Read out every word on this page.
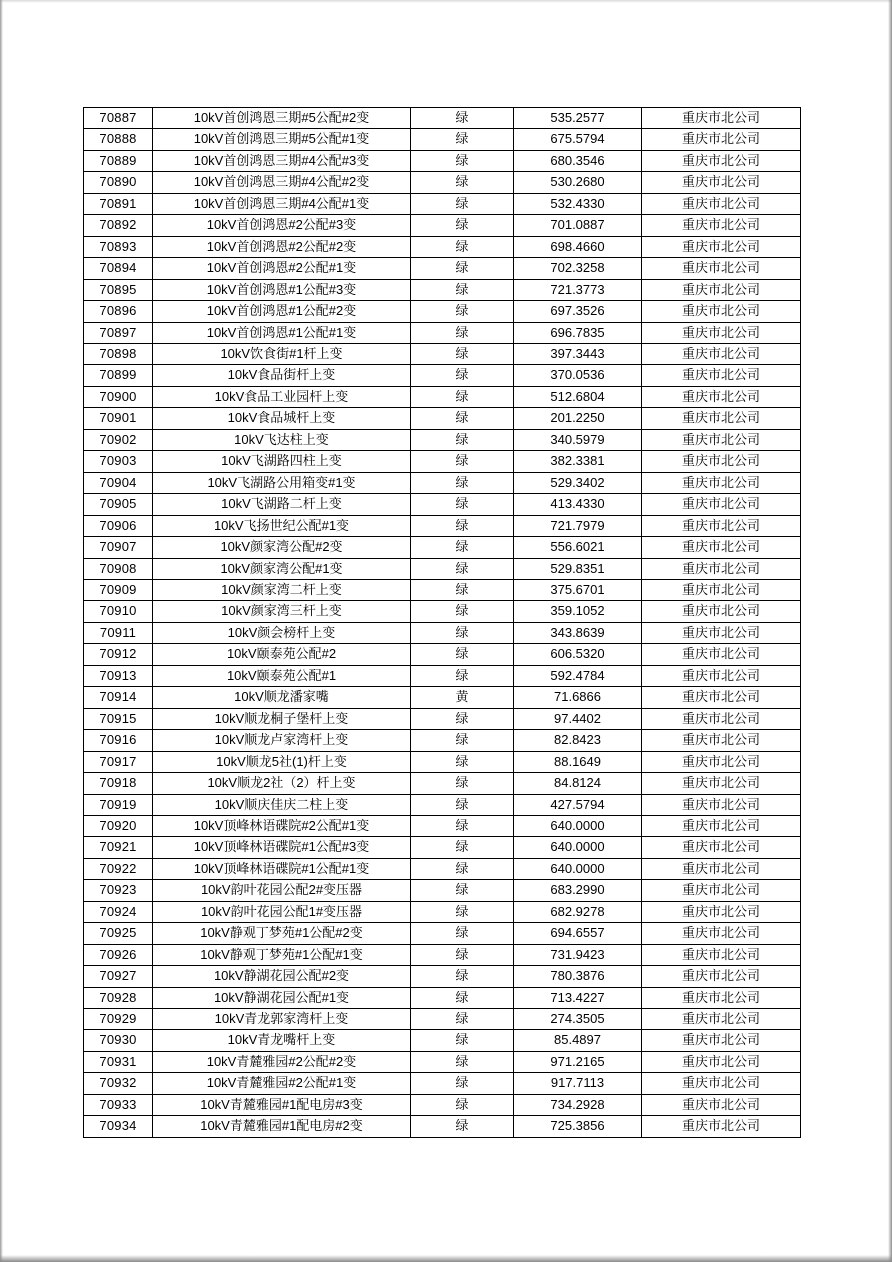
70887	10kV首创鸿恩三期#5公配#2变	绿	535.2577	重庆市北公司
70888	10kV首创鸿恩三期#5公配#1变	绿	675.5794	重庆市北公司
70889	10kV首创鸿恩三期#4公配#3变	绿	680.3546	重庆市北公司
70890	10kV首创鸿恩三期#4公配#2变	绿	530.2680	重庆市北公司
70891	10kV首创鸿恩三期#4公配#1变	绿	532.4330	重庆市北公司
70892	10kV首创鸿恩#2公配#3变	绿	701.0887	重庆市北公司
70893	10kV首创鸿恩#2公配#2变	绿	698.4660	重庆市北公司
70894	10kV首创鸿恩#2公配#1变	绿	702.3258	重庆市北公司
70895	10kV首创鸿恩#1公配#3变	绿	721.3773	重庆市北公司
70896	10kV首创鸿恩#1公配#2变	绿	697.3526	重庆市北公司
70897	10kV首创鸿恩#1公配#1变	绿	696.7835	重庆市北公司
70898	10kV饮食街#1杆上变	绿	397.3443	重庆市北公司
70899	10kV食品街杆上变	绿	370.0536	重庆市北公司
70900	10kV食品工业园杆上变	绿	512.6804	重庆市北公司
70901	10kV食品城杆上变	绿	201.2250	重庆市北公司
70902	10kV飞达柱上变	绿	340.5979	重庆市北公司
70903	10kV飞湖路四柱上变	绿	382.3381	重庆市北公司
70904	10kV飞湖路公用箱变#1变	绿	529.3402	重庆市北公司
70905	10kV飞湖路二杆上变	绿	413.4330	重庆市北公司
70906	10kV飞扬世纪公配#1变	绿	721.7979	重庆市北公司
70907	10kV颜家湾公配#2变	绿	556.6021	重庆市北公司
70908	10kV颜家湾公配#1变	绿	529.8351	重庆市北公司
70909	10kV颜家湾二杆上变	绿	375.6701	重庆市北公司
70910	10kV颜家湾三杆上变	绿	359.1052	重庆市北公司
70911	10kV颜会榜杆上变	绿	343.8639	重庆市北公司
70912	10kV颐泰苑公配#2	绿	606.5320	重庆市北公司
70913	10kV颐泰苑公配#1	绿	592.4784	重庆市北公司
70914	10kV顺龙潘家嘴	黄	71.6866	重庆市北公司
70915	10kV顺龙桐子堡杆上变	绿	97.4402	重庆市北公司
70916	10kV顺龙卢家湾杆上变	绿	82.8423	重庆市北公司
70917	10kV顺龙5社(1)杆上变	绿	88.1649	重庆市北公司
70918	10kV顺龙2社（2）杆上变	绿	84.8124	重庆市北公司
70919	10kV顺庆佳庆二柱上变	绿	427.5794	重庆市北公司
70920	10kV顶峰林语碟院#2公配#1变	绿	640.0000	重庆市北公司
70921	10kV顶峰林语碟院#1公配#3变	绿	640.0000	重庆市北公司
70922	10kV顶峰林语碟院#1公配#1变	绿	640.0000	重庆市北公司
70923	10kV韵叶花园公配2#变压器	绿	683.2990	重庆市北公司
70924	10kV韵叶花园公配1#变压器	绿	682.9278	重庆市北公司
70925	10kV静观丁梦苑#1公配#2变	绿	694.6557	重庆市北公司
70926	10kV静观丁梦苑#1公配#1变	绿	731.9423	重庆市北公司
70927	10kV静湖花园公配#2变	绿	780.3876	重庆市北公司
70928	10kV静湖花园公配#1变	绿	713.4227	重庆市北公司
70929	10kV青龙郭家湾杆上变	绿	274.3505	重庆市北公司
70930	10kV青龙嘴杆上变	绿	85.4897	重庆市北公司
70931	10kV青麓雅园#2公配#2变	绿	971.2165	重庆市北公司
70932	10kV青麓雅园#2公配#1变	绿	917.7113	重庆市北公司
70933	10kV青麓雅园#1配电房#3变	绿	734.2928	重庆市北公司
70934	10kV青麓雅园#1配电房#2变	绿	725.3856	重庆市北公司
